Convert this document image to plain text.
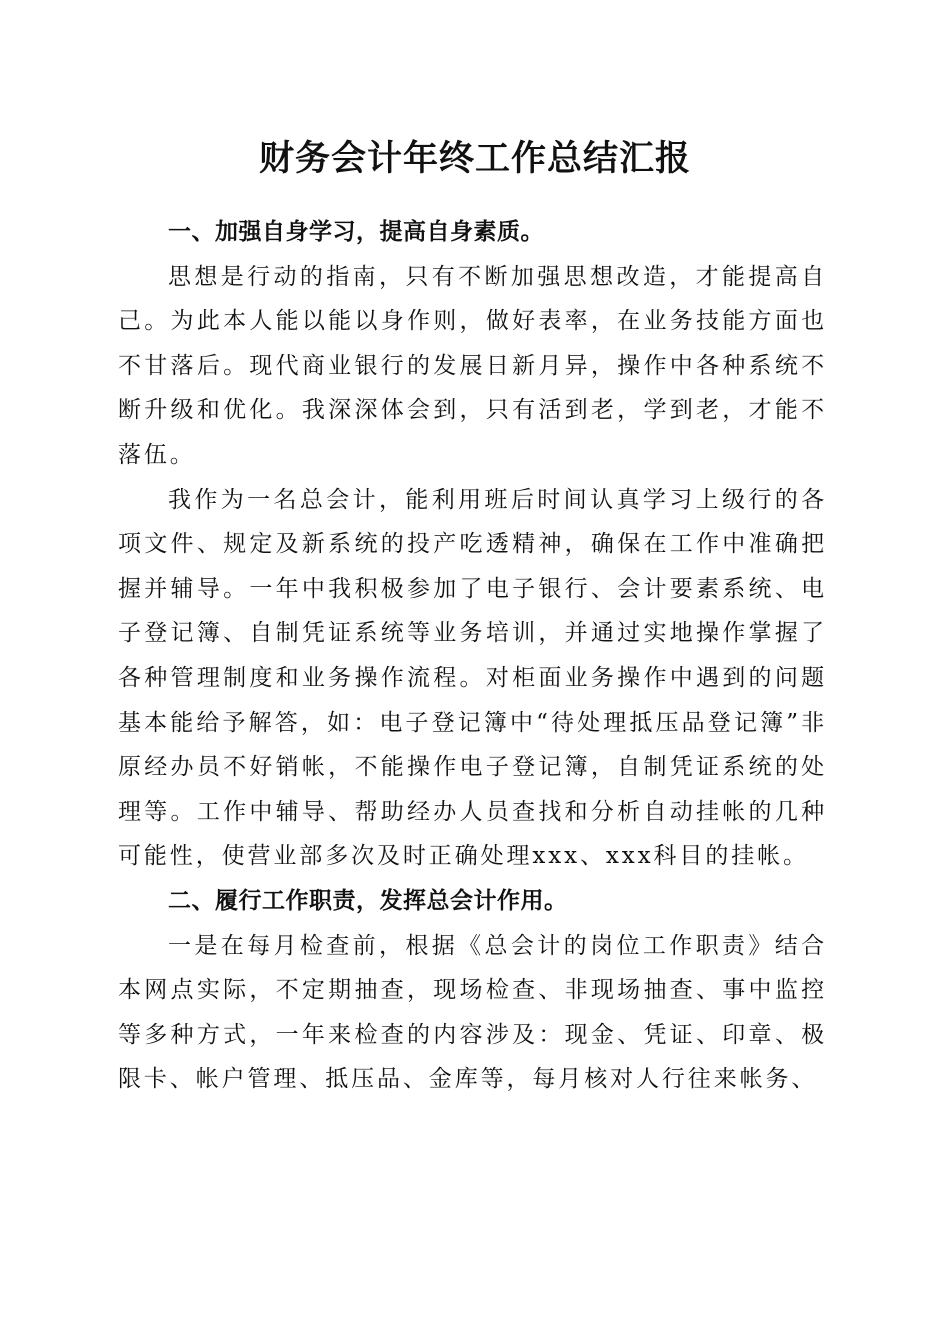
财务会计年终工作总结汇报

一、加强自身学习，提高自身素质。

思想是行动的指南，只有不断加强思想改造，才能提高自己。为此本人能以能以身作则，做好表率，在业务技能方面也不甘落后。现代商业银行的发展日新月异，操作中各种系统不断升级和优化。我深深体会到，只有活到老，学到老，才能不落伍。

我作为一名总会计，能利用班后时间认真学习上级行的各项文件、规定及新系统的投产吃透精神，确保在工作中准确把握并辅导。一年中我积极参加了电子银行、会计要素系统、电子登记簿、自制凭证系统等业务培训，并通过实地操作掌握了各种管理制度和业务操作流程。对柜面业务操作中遇到的问题基本能给予解答，如：电子登记簿中“待处理抵压品登记簿”非原经办员不好销帐，不能操作电子登记簿，自制凭证系统的处理等。工作中辅导、帮助经办人员查找和分析自动挂帐的几种可能性，使营业部多次及时正确处理xxx、xxx科目的挂帐。

二、履行工作职责，发挥总会计作用。

一是在每月检查前，根据《总会计的岗位工作职责》结合本网点实际，不定期抽查，现场检查、非现场抽查、事中监控等多种方式，一年来检查的内容涉及：现金、凭证、印章、极限卡、帐户管理、抵压品、金库等，每月核对人行往来帐务、
